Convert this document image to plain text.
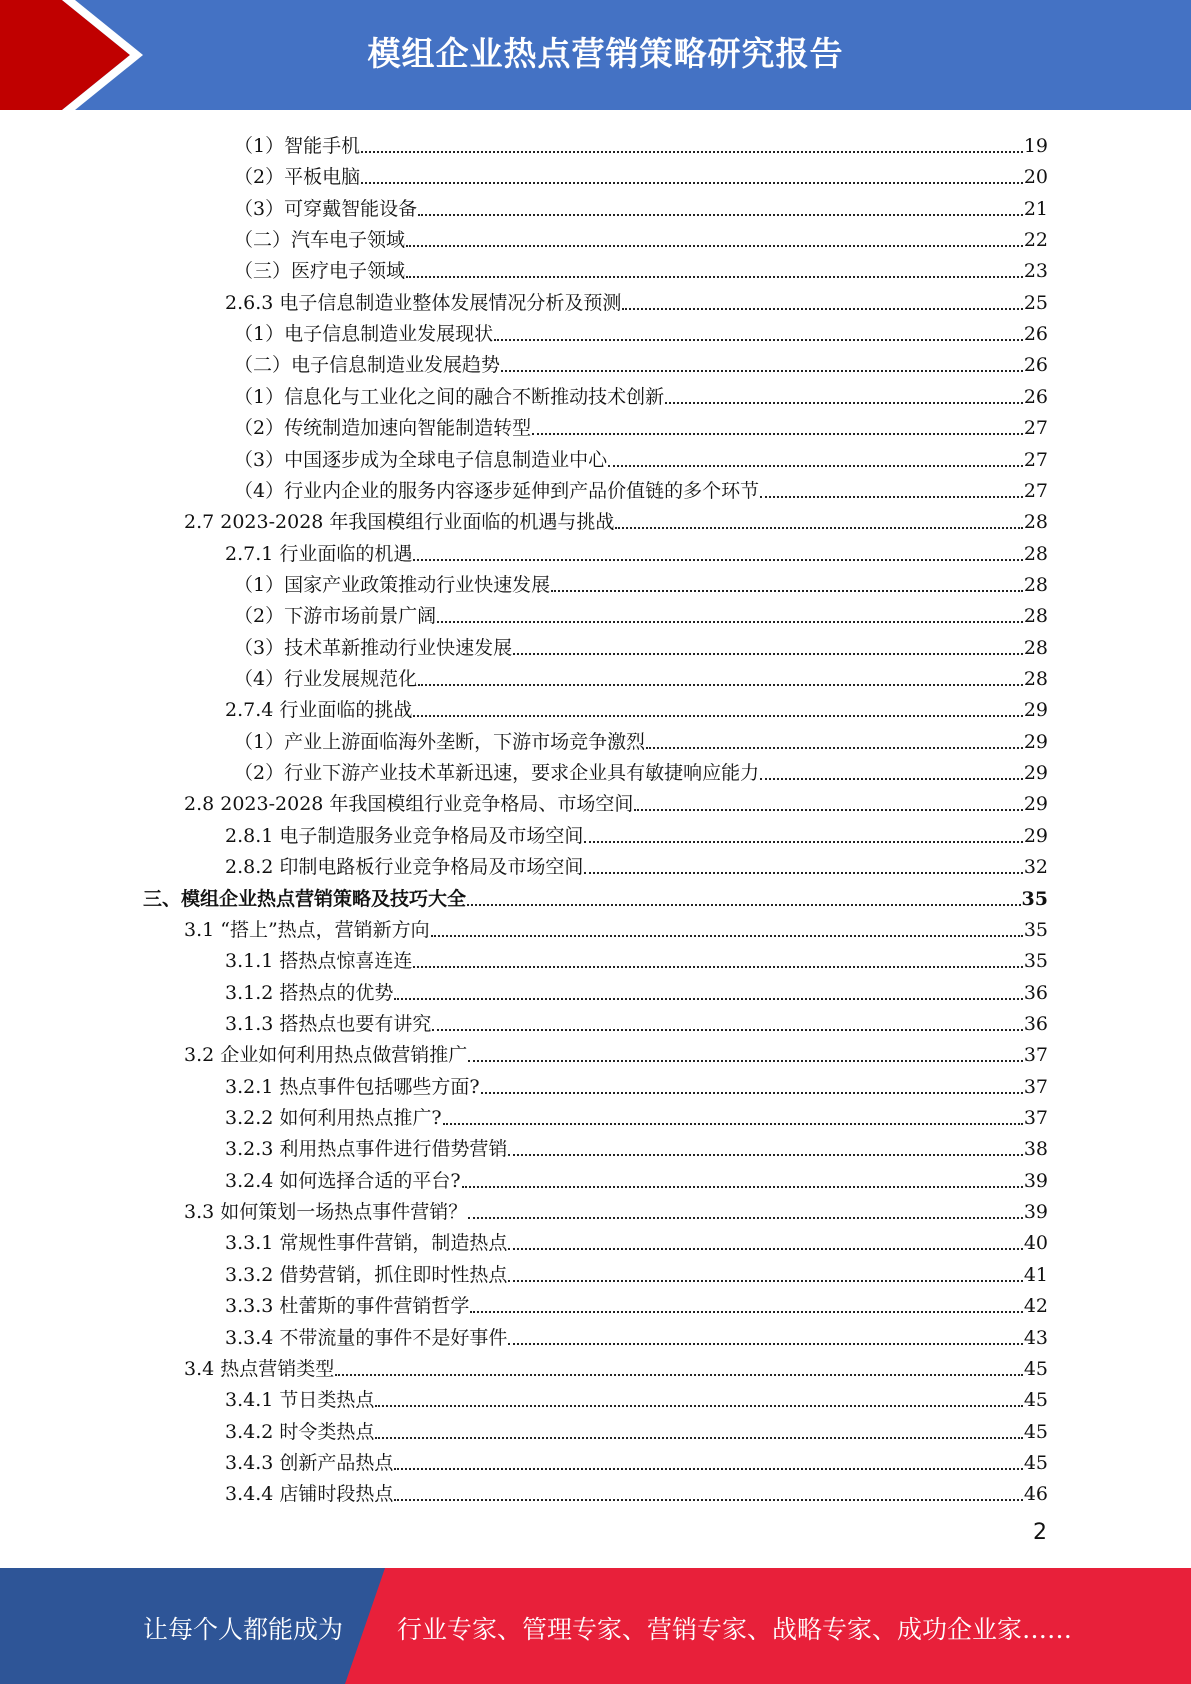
模组企业热点营销策略研究报告
（1）智能手机	19
（2）平板电脑	20
（3）可穿戴智能设备	21
（二）汽车电子领域	22
（三）医疗电子领域	23
2.6.3 电子信息制造业整体发展情况分析及预测	25
（1）电子信息制造业发展现状	26
（二）电子信息制造业发展趋势	26
（1）信息化与工业化之间的融合不断推动技术创新	26
（2）传统制造加速向智能制造转型	27
（3）中国逐步成为全球电子信息制造业中心	27
（4）行业内企业的服务内容逐步延伸到产品价值链的多个环节	27
2.7 2023-2028 年我国模组行业面临的机遇与挑战	28
2.7.1 行业面临的机遇	28
（1）国家产业政策推动行业快速发展	28
（2）下游市场前景广阔	28
（3）技术革新推动行业快速发展	28
（4）行业发展规范化	28
2.7.4 行业面临的挑战	29
（1）产业上游面临海外垄断，下游市场竞争激烈	29
（2）行业下游产业技术革新迅速，要求企业具有敏捷响应能力	29
2.8 2023-2028 年我国模组行业竞争格局、市场空间	29
2.8.1 电子制造服务业竞争格局及市场空间	29
2.8.2 印制电路板行业竞争格局及市场空间	32
三、模组企业热点营销策略及技巧大全	35
3.1 “搭上”热点，营销新方向	35
3.1.1 搭热点惊喜连连	35
3.1.2 搭热点的优势	36
3.1.3 搭热点也要有讲究	36
3.2 企业如何利用热点做营销推广	37
3.2.1 热点事件包括哪些方面?	37
3.2.2 如何利用热点推广?	37
3.2.3 利用热点事件进行借势营销	38
3.2.4 如何选择合适的平台?	39
3.3 如何策划一场热点事件营销？	39
3.3.1 常规性事件营销，制造热点	40
3.3.2 借势营销，抓住即时性热点	41
3.3.3 杜蕾斯的事件营销哲学	42
3.3.4 不带流量的事件不是好事件	43
3.4 热点营销类型	45
3.4.1 节日类热点	45
3.4.2 时令类热点	45
3.4.3 创新产品热点	45
3.4.4 店铺时段热点	46
2
让每个人都能成为 行业专家、管理专家、营销专家、战略专家、成功企业家……
